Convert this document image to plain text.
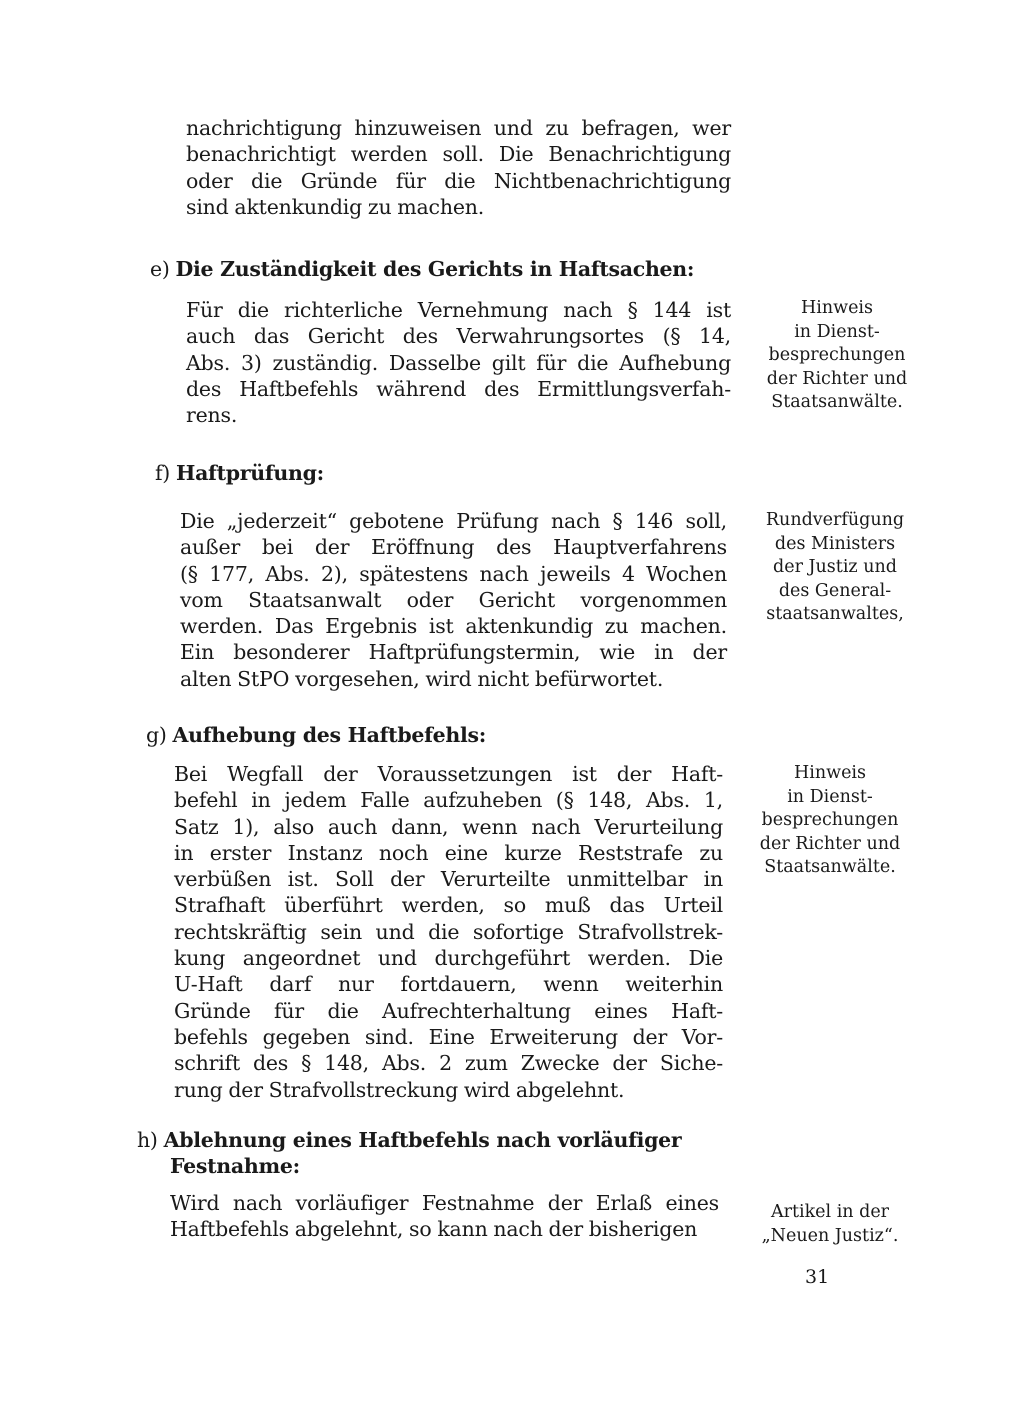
nachrichtigung hinzuweisen und zu befragen, wer
benachrichtigt werden soll. Die Benachrichtigung
oder die Gründe für die Nichtbenachrichtigung
sind aktenkundig zu machen.
e) Die Zuständigkeit des Gerichts in Haftsachen:
Für die richterliche Vernehmung nach § 144 ist
auch das Gericht des Verwahrungsortes (§ 14,
Abs. 3) zuständig. Dasselbe gilt für die Aufhebung
des Haftbefehls während des Ermittlungsverfah-
rens.
Hinweis
in Dienst-
besprechungen
der Richter und
Staatsanwälte.
f) Haftprüfung:
Die „jederzeit“ gebotene Prüfung nach § 146 soll,
außer bei der Eröffnung des Hauptverfahrens
(§ 177, Abs. 2), spätestens nach jeweils 4 Wochen
vom Staatsanwalt oder Gericht vorgenommen
werden. Das Ergebnis ist aktenkundig zu machen.
Ein besonderer Haftprüfungstermin, wie in der
alten StPO vorgesehen, wird nicht befürwortet.
Rundverfügung
des Ministers
der Justiz und
des General-
staatsanwaltes,
g) Aufhebung des Haftbefehls:
Bei Wegfall der Voraussetzungen ist der Haft-
befehl in jedem Falle aufzuheben (§ 148, Abs. 1,
Satz 1), also auch dann, wenn nach Verurteilung
in erster Instanz noch eine kurze Reststrafe zu
verbüßen ist. Soll der Verurteilte unmittelbar in
Strafhaft überführt werden, so muß das Urteil
rechtskräftig sein und die sofortige Strafvollstrek-
kung angeordnet und durchgeführt werden. Die
U-Haft darf nur fortdauern, wenn weiterhin
Gründe für die Aufrechterhaltung eines Haft-
befehls gegeben sind. Eine Erweiterung der Vor-
schrift des § 148, Abs. 2 zum Zwecke der Siche-
rung der Strafvollstreckung wird abgelehnt.
Hinweis
in Dienst-
besprechungen
der Richter und
Staatsanwälte.
h) Ablehnung eines Haftbefehls nach vorläufiger
Festnahme:
Wird nach vorläufiger Festnahme der Erlaß eines
Haftbefehls abgelehnt, so kann nach der bisherigen
Artikel in der
„Neuen Justiz“.
31
